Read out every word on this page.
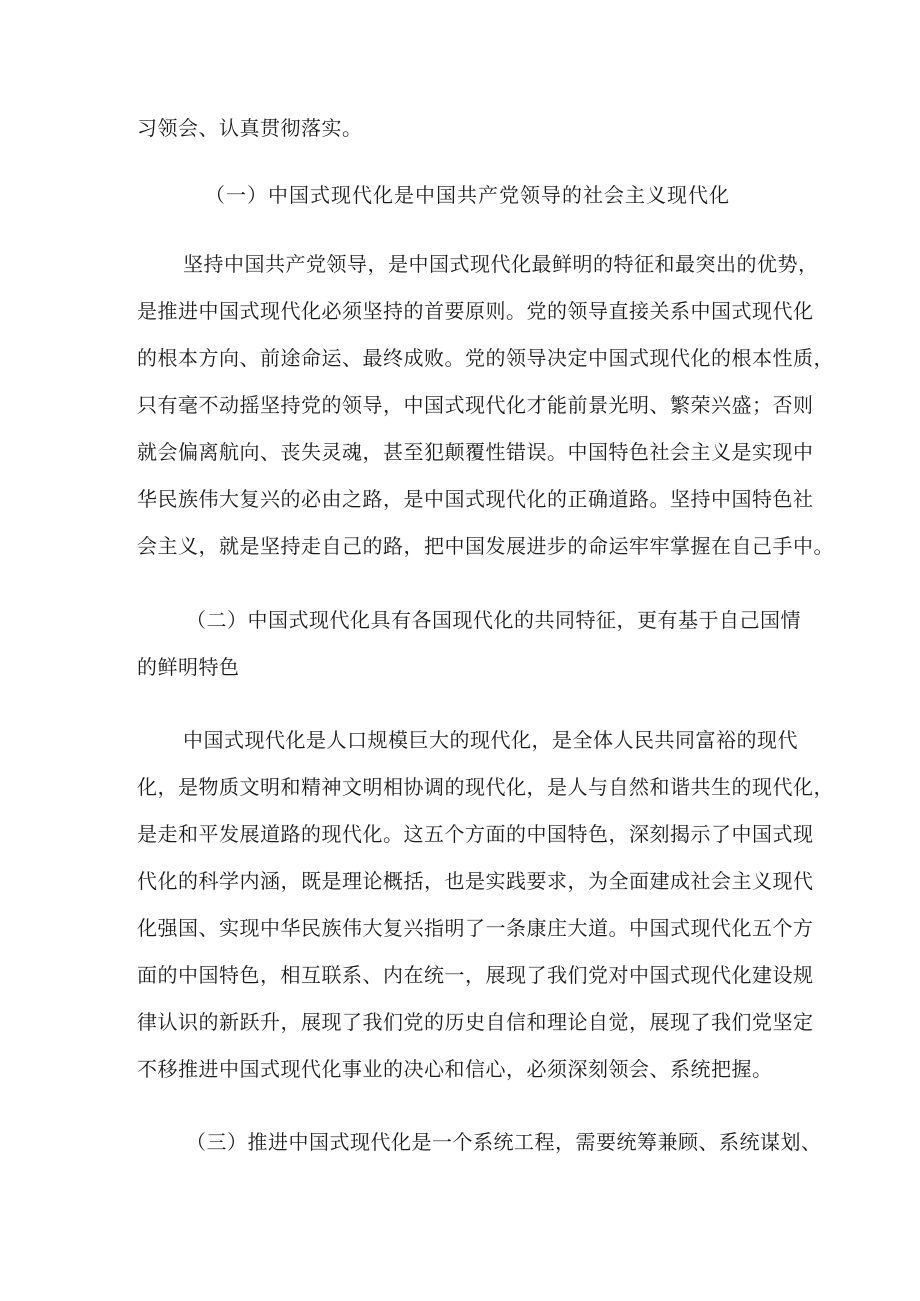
习领会、认真贯彻落实。
（一）中国式现代化是中国共产党领导的社会主义现代化
坚持中国共产党领导，是中国式现代化最鲜明的特征和最突出的优势，
是推进中国式现代化必须坚持的首要原则。党的领导直接关系中国式现代化
的根本方向、前途命运、最终成败。党的领导决定中国式现代化的根本性质，
只有毫不动摇坚持党的领导，中国式现代化才能前景光明、繁荣兴盛；否则
就会偏离航向、丧失灵魂，甚至犯颠覆性错误。中国特色社会主义是实现中
华民族伟大复兴的必由之路，是中国式现代化的正确道路。坚持中国特色社
会主义，就是坚持走自己的路，把中国发展进步的命运牢牢掌握在自己手中。
（二）中国式现代化具有各国现代化的共同特征，更有基于自己国情
的鲜明特色
中国式现代化是人口规模巨大的现代化，是全体人民共同富裕的现代
化，是物质文明和精神文明相协调的现代化，是人与自然和谐共生的现代化，
是走和平发展道路的现代化。这五个方面的中国特色，深刻揭示了中国式现
代化的科学内涵，既是理论概括，也是实践要求，为全面建成社会主义现代
化强国、实现中华民族伟大复兴指明了一条康庄大道。中国式现代化五个方
面的中国特色，相互联系、内在统一，展现了我们党对中国式现代化建设规
律认识的新跃升，展现了我们党的历史自信和理论自觉，展现了我们党坚定
不移推进中国式现代化事业的决心和信心，必须深刻领会、系统把握。
（三）推进中国式现代化是一个系统工程，需要统筹兼顾、系统谋划、
